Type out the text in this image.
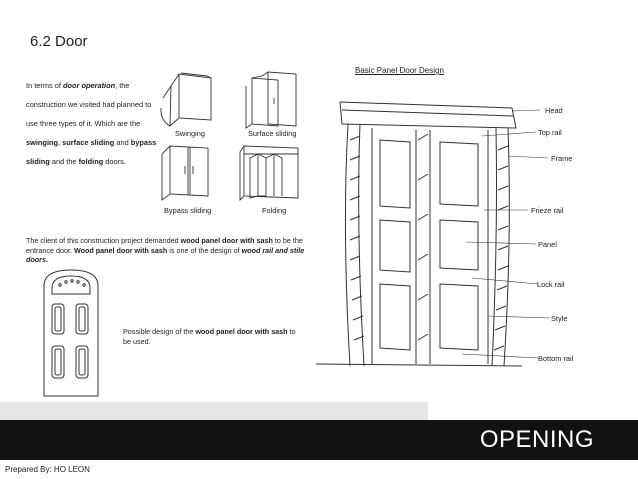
6.2 Door
In terms of door operation, the construction we visited had planned to use three types of it. Which are the swinging, surface sliding and bypass sliding and the folding doors.
Swinging	Surface sliding
Bypass sliding	Folding
The client of this construction project demanded wood panel door with sash to be the entrance door. Wood panel door with sash is one of the design of wood rail and stile doors.
Possible design of the wood panel door with sash to be used.
Basic Panel Door Design
Head
Top rail
Frame
Frieze rail
Panel
Lock rail
Style
Bottom rail
OPENING
Prepared By: HO LEON
